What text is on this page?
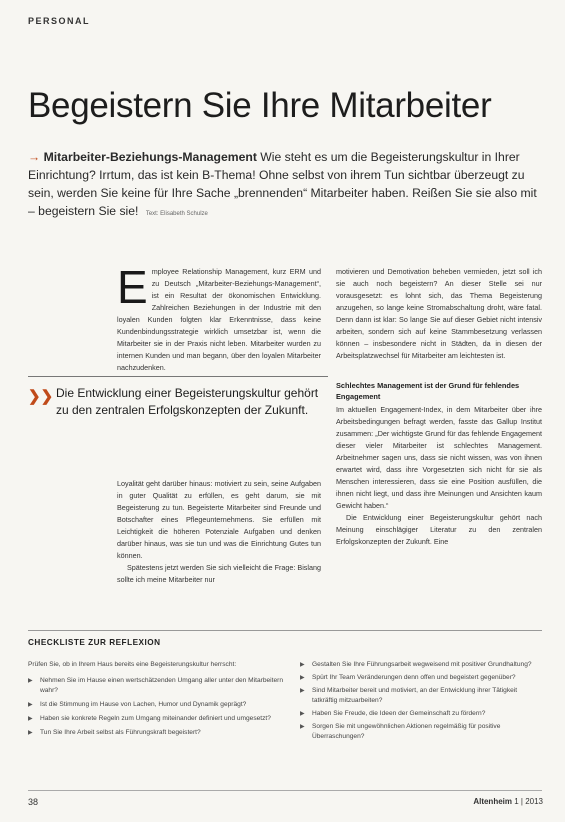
PERSONAL
Begeistern Sie Ihre Mitarbeiter
→ Mitarbeiter-Beziehungs-Management Wie steht es um die Begeisterungskultur in Ihrer Einrichtung? Irrtum, das ist kein B-Thema! Ohne selbst von ihrem Tun sichtbar überzeugt zu sein, werden Sie keine für Ihre Sache „brennenden“ Mitarbeiter haben. Reißen Sie sie also mit – begeistern Sie sie! Text: Elisabeth Schulze
E mployee Relationship Management, kurz ERM und zu Deutsch „Mitarbeiter-Beziehungs-Management“, ist ein Resultat der ökonomischen Entwicklung. Zahlreichen Beziehungen in der Industrie mit den loyalen Kunden folgten klar Erkenntnisse, dass keine Kundenbindungsstrategie wirklich umsetzbar ist, wenn die Mitarbeiter sie in der Praxis nicht leben. Mitarbeiter wurden zu internen Kunden und man begann, über den loyalen Mitarbeiter nachzudenken.

motivieren und Demotivation beheben vermieden, jetzt soll ich sie auch noch begeistern? An dieser Stelle sei nur vorausgesetzt: es lohnt sich, das Thema Begeisterung anzugehen, so lange keine Stromabschaltung droht, wäre fatal. Denn dann ist klar: So lange Sie auf dieser Gebiet nicht intensiv arbeiten, sondern sich auf keine Stammbesetzung verlassen können – insbesondere nicht in Städten, da in diesen der Arbeitsplatzwechsel für Mitarbeiter am leichtesten ist.

❯❯ Die Entwicklung einer Begeisterungskultur gehört zu den zentralen Erfolgskonzepten der Zukunft.

Loyalität geht darüber hinaus: motiviert zu sein, seine Aufgaben in guter Qualität zu erfüllen, es geht darum, sie mit Begeisterung zu tun. Begeisterte Mitarbeiter sind Freunde und Botschafter eines Pflegeunternehmens. Sie erfüllen mit Leichtigkeit die höheren Potenziale Aufgaben und denken darüber hinaus, was sie tun und was die Einrichtung Gutes tun können.

Spätestens jetzt werden Sie sich vielleicht die Frage: Bislang sollte ich meine Mitarbeiter nur

Schlechtes Management ist der Grund für fehlendes Engagement

Im aktuellen Engagement-Index, in dem Mitarbeiter über ihre Arbeitsbedingungen befragt werden, fasste das Gallup Institut zusammen: „Der wichtigste Grund für das fehlende Engagement dieser vieler Mitarbeiter ist schlechtes Management. Arbeitnehmer sagen uns, dass sie nicht wissen, was von ihnen erwartet wird, dass ihre Vorgesetzten sich nicht für sie als Menschen interessieren, dass sie eine Position ausfüllen, die ihnen nicht liegt, und dass ihre Meinungen und Ansichten kaum Gewicht haben.“

Die Entwicklung einer Begeisterungskultur gehört nach Meinung einschlägiger Literatur zu den zentralen Erfolgskonzepten der Zukunft. Eine

CHECKLISTE ZUR REFLEXION
Prüfen Sie, ob in Ihrem Haus bereits eine Begeisterungskultur herrscht:
▶ Nehmen Sie im Hause einen wertschätzenden Umgang aller unter den Mitarbeitern wahr?
▶ Ist die Stimmung im Hause von Lachen, Humor und Dynamik geprägt?
▶ Haben sie konkrete Regeln zum Umgang miteinander definiert und umgesetzt?
▶ Tun Sie Ihre Arbeit selbst als Führungskraft begeistert?
▶ Gestalten Sie Ihre Führungsarbeit wegweisend mit positiver Grundhaltung?
▶ Spürt Ihr Team Veränderungen denn offen und begeistert gegenüber?
▶ Sind Mitarbeiter bereit und motiviert, an der Entwicklung ihrer Tätigkeit tatkräftig mitzuarbeiten?
▶ Haben Sie Freude, die Ideen der Gemeinschaft zu fördern?
▶ Sorgen Sie mit ungewöhnlichen Aktionen regelmäßig für positive Überraschungen?
38	Altenheim 1 | 2013
